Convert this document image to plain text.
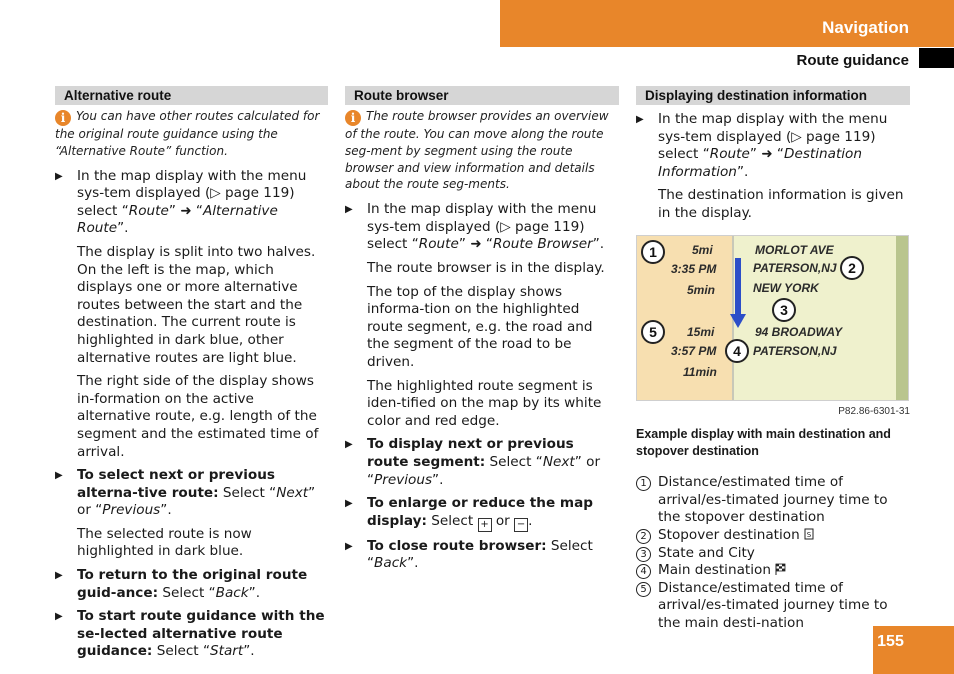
Navigation
Route guidance
Alternative route
i You can have other routes calculated for the original route guidance using the “Alternative Route” function.
▶ In the map display with the menu sys-tem displayed (▷ page 119) select “Route” ➜ “Alternative Route”.

The display is split into two halves. On the left is the map, which displays one or more alternative routes between the start and the destination. The current route is highlighted in dark blue, other alternative routes are light blue.

The right side of the display shows in-formation on the active alternative route, e.g. length of the segment and the estimated time of arrival.

▶ To select next or previous alterna-tive route: Select “Next” or “Previous”.

The selected route is now highlighted in dark blue.

▶ To return to the original route guid-ance: Select “Back”.
▶ To start route guidance with the se-lected alternative route guidance: Select “Start”.
Route browser
i The route browser provides an overview of the route. You can move along the route seg-ment by segment using the route browser and view information and details about the route seg-ments.
▶ In the map display with the menu sys-tem displayed (▷ page 119) select “Route” ➜ “Route Browser”.

The route browser is in the display.

The top of the display shows informa-tion on the highlighted route segment, e.g. the road and the segment of the road to be driven.

The highlighted route segment is iden-tified on the map by its white color and red edge.

▶ To display next or previous route segment: Select “Next” or “Previous”.
▶ To enlarge or reduce the map display: Select + or − .
▶ To close route browser: Select “Back”.
Displaying destination information
▶ In the map display with the menu sys-tem displayed (▷ page 119) select “Route” ➜ “Destination Information”.

The destination information is given in the display.

1	5mi
3:35 PM
5min
5	15mi
3:57 PM
11min
MORLOT AVE
PATERSON,NJ 2
NEW YORK
3
94 BROADWAY
4	PATERSON,NJ
P82.86-6301-31
Example display with main destination and stopover destination
1 Distance/estimated time of arrival/es-timated journey time to the stopover destination
2 Stopover destination S
3 State and City
4 Main destination
5 Distance/estimated time of arrival/es-timated journey time to the main desti-nation
155
